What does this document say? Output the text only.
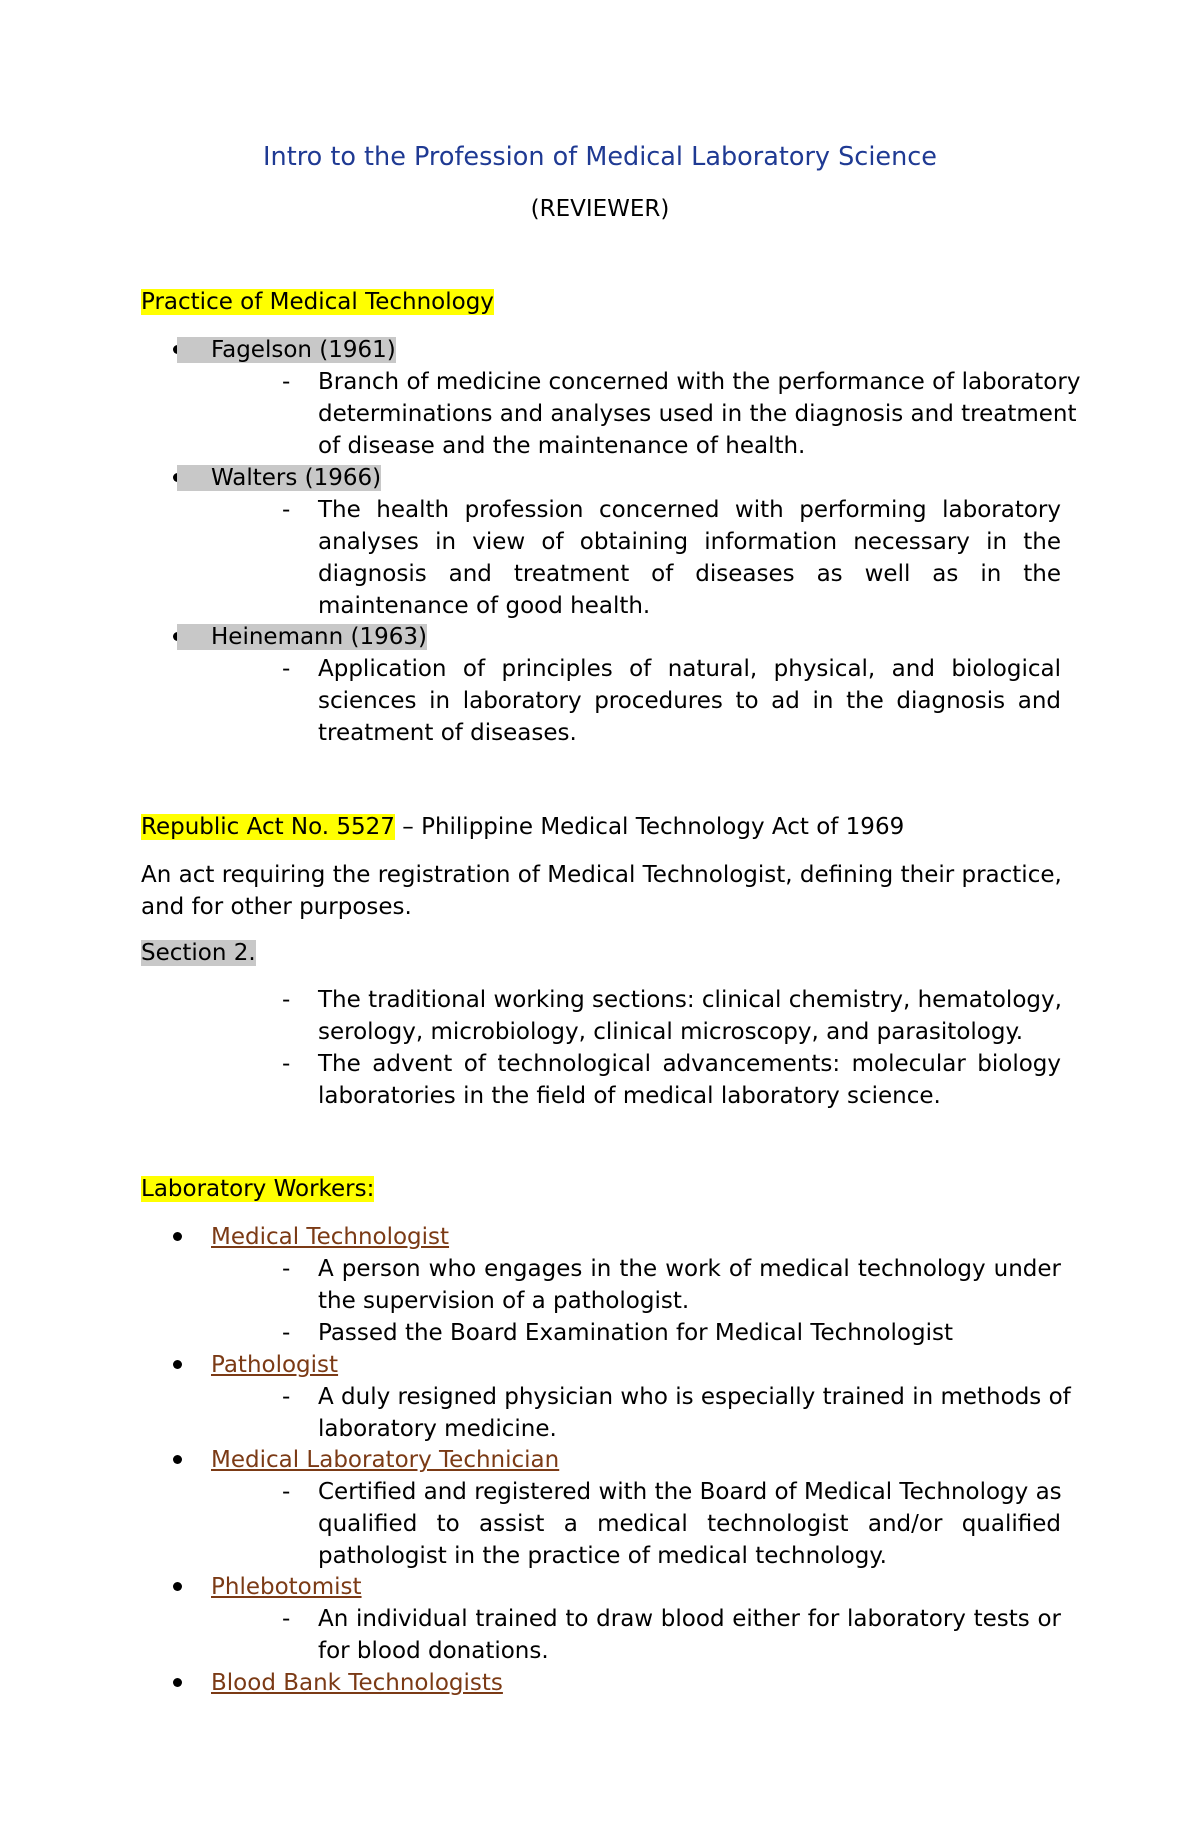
Intro to the Profession of Medical Laboratory Science
(REVIEWER)
Practice of Medical Technology
Fagelson (1961)
- Branch of medicine concerned with the performance of laboratory
determinations and analyses used in the diagnosis and treatment
of disease and the maintenance of health.
Walters (1966)
- The health profession concerned with performing laboratory
analyses in view of obtaining information necessary in the
diagnosis and treatment of diseases as well as in the
maintenance of good health.
Heinemann (1963)
- Application of principles of natural, physical, and biological
sciences in laboratory procedures to ad in the diagnosis and
treatment of diseases.
Republic Act No. 5527 – Philippine Medical Technology Act of 1969
An act requiring the registration of Medical Technologist, defining their practice,
and for other purposes.
Section 2.
- The traditional working sections: clinical chemistry, hematology,
serology, microbiology, clinical microscopy, and parasitology.
- The advent of technological advancements: molecular biology
laboratories in the field of medical laboratory science.
Laboratory Workers:
Medical Technologist
- A person who engages in the work of medical technology under
the supervision of a pathologist.
- Passed the Board Examination for Medical Technologist
Pathologist
- A duly resigned physician who is especially trained in methods of
laboratory medicine.
Medical Laboratory Technician
- Certified and registered with the Board of Medical Technology as
qualified to assist a medical technologist and/or qualified
pathologist in the practice of medical technology.
Phlebotomist
- An individual trained to draw blood either for laboratory tests or
for blood donations.
Blood Bank Technologists
